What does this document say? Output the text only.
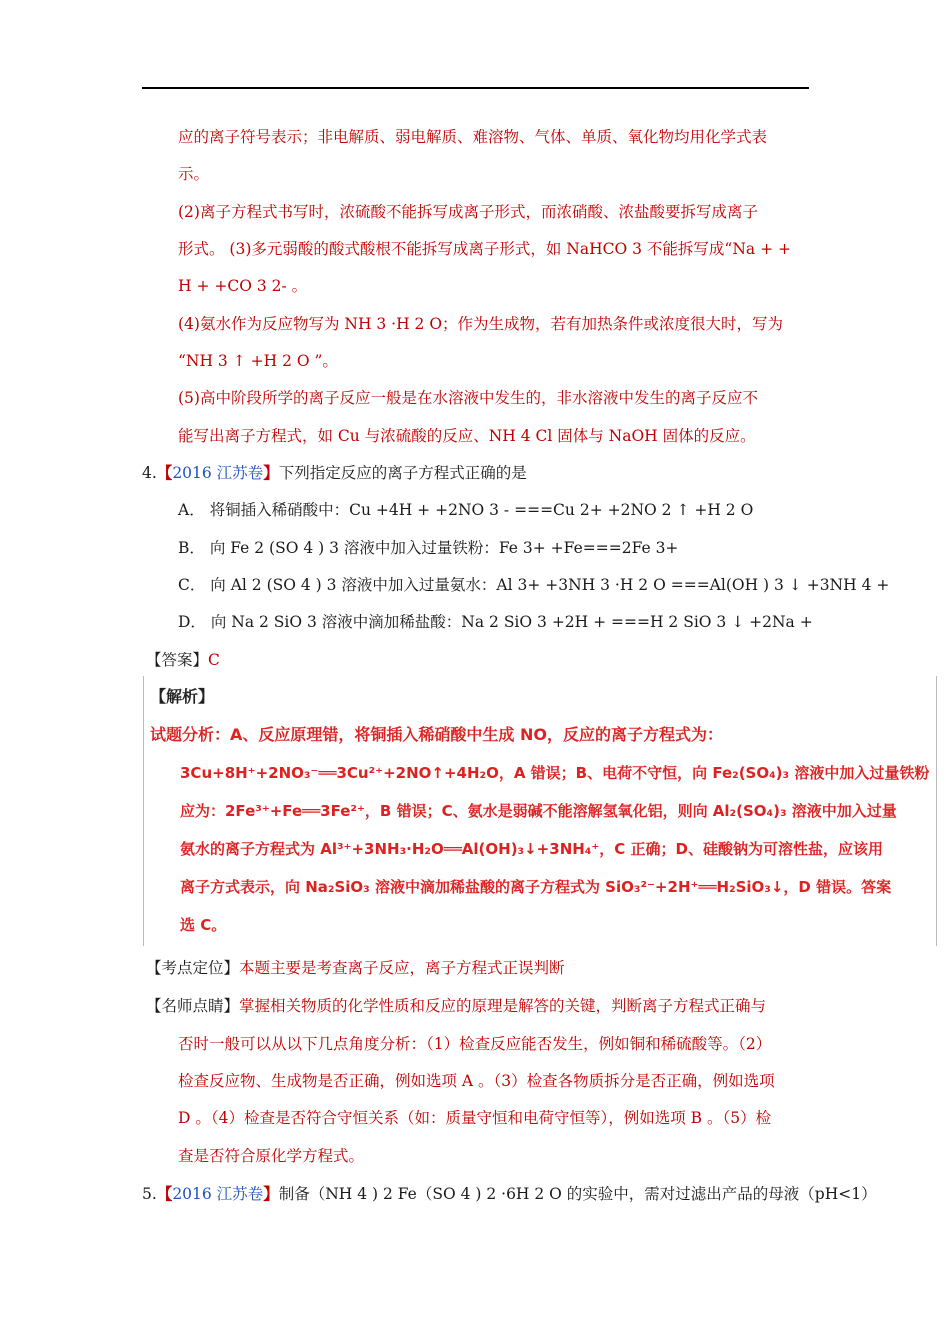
应的离子符号表示；非电解质、弱电解质、难溶物、气体、单质、氧化物均用化学式表
示。
(2)离子方程式书写时，浓硫酸不能拆写成离子形式，而浓硝酸、浓盐酸要拆写成离子
形式。 (3)多元弱酸的酸式酸根不能拆写成离子形式，如 NaHCO 3 不能拆写成“Na + +
H + +CO 3 2- 。
(4)氨水作为反应物写为 NH 3 ·H 2 O；作为生成物，若有加热条件或浓度很大时，写为
“NH 3 ↑ +H 2 O ”。
(5)高中阶段所学的离子反应一般是在水溶液中发生的，非水溶液中发生的离子反应不
能写出离子方程式，如 Cu 与浓硫酸的反应、NH 4 Cl 固体与 NaOH 固体的反应。
4.【2016 江苏卷】下列指定反应的离子方程式正确的是
A． 将铜插入稀硝酸中：Cu +4H + +2NO 3 - ===Cu 2+ +2NO 2 ↑ +H 2 O
B． 向 Fe 2 (SO 4 ) 3 溶液中加入过量铁粉：Fe 3+ +Fe===2Fe 3+
C． 向 Al 2 (SO 4 ) 3 溶液中加入过量氨水：Al 3+ +3NH 3 ·H 2 O ===Al(OH ) 3 ↓ +3NH 4 +
D． 向 Na 2 SiO 3 溶液中滴加稀盐酸：Na 2 SiO 3 +2H + ===H 2 SiO 3 ↓ +2Na +
【答案】C
【解析】
试题分析：A、反应原理错，将铜插入稀硝酸中生成 NO，反应的离子方程式为：
3Cu+8H⁺+2NO₃⁻══3Cu²⁺+2NO↑+4H₂O，A 错误；B、电荷不守恒，向 Fe₂(SO₄)₃ 溶液中加入过量铁粉
应为：2Fe³⁺+Fe══3Fe²⁺，B 错误；C、氨水是弱碱不能溶解氢氧化铝，则向 Al₂(SO₄)₃ 溶液中加入过量
氨水的离子方程式为 Al³⁺+3NH₃·H₂O══Al(OH)₃↓+3NH₄⁺，C 正确；D、硅酸钠为可溶性盐，应该用
离子方式表示，向 Na₂SiO₃ 溶液中滴加稀盐酸的离子方程式为 SiO₃²⁻+2H⁺══H₂SiO₃↓，D 错误。答案
选 C。
【考点定位】本题主要是考查离子反应，离子方程式正误判断
【名师点睛】掌握相关物质的化学性质和反应的原理是解答的关键，判断离子方程式正确与
否时一般可以从以下几点角度分析：（1）检查反应能否发生，例如铜和稀硫酸等。（2）
检查反应物、生成物是否正确，例如选项 A 。（3）检查各物质拆分是否正确，例如选项
D 。（4）检查是否符合守恒关系（如：质量守恒和电荷守恒等），例如选项 B 。（5）检
查是否符合原化学方程式。
5.【2016 江苏卷】制备（NH 4 ) 2 Fe（SO 4 ) 2 ·6H 2 O 的实验中，需对过滤出产品的母液（pH<1）
